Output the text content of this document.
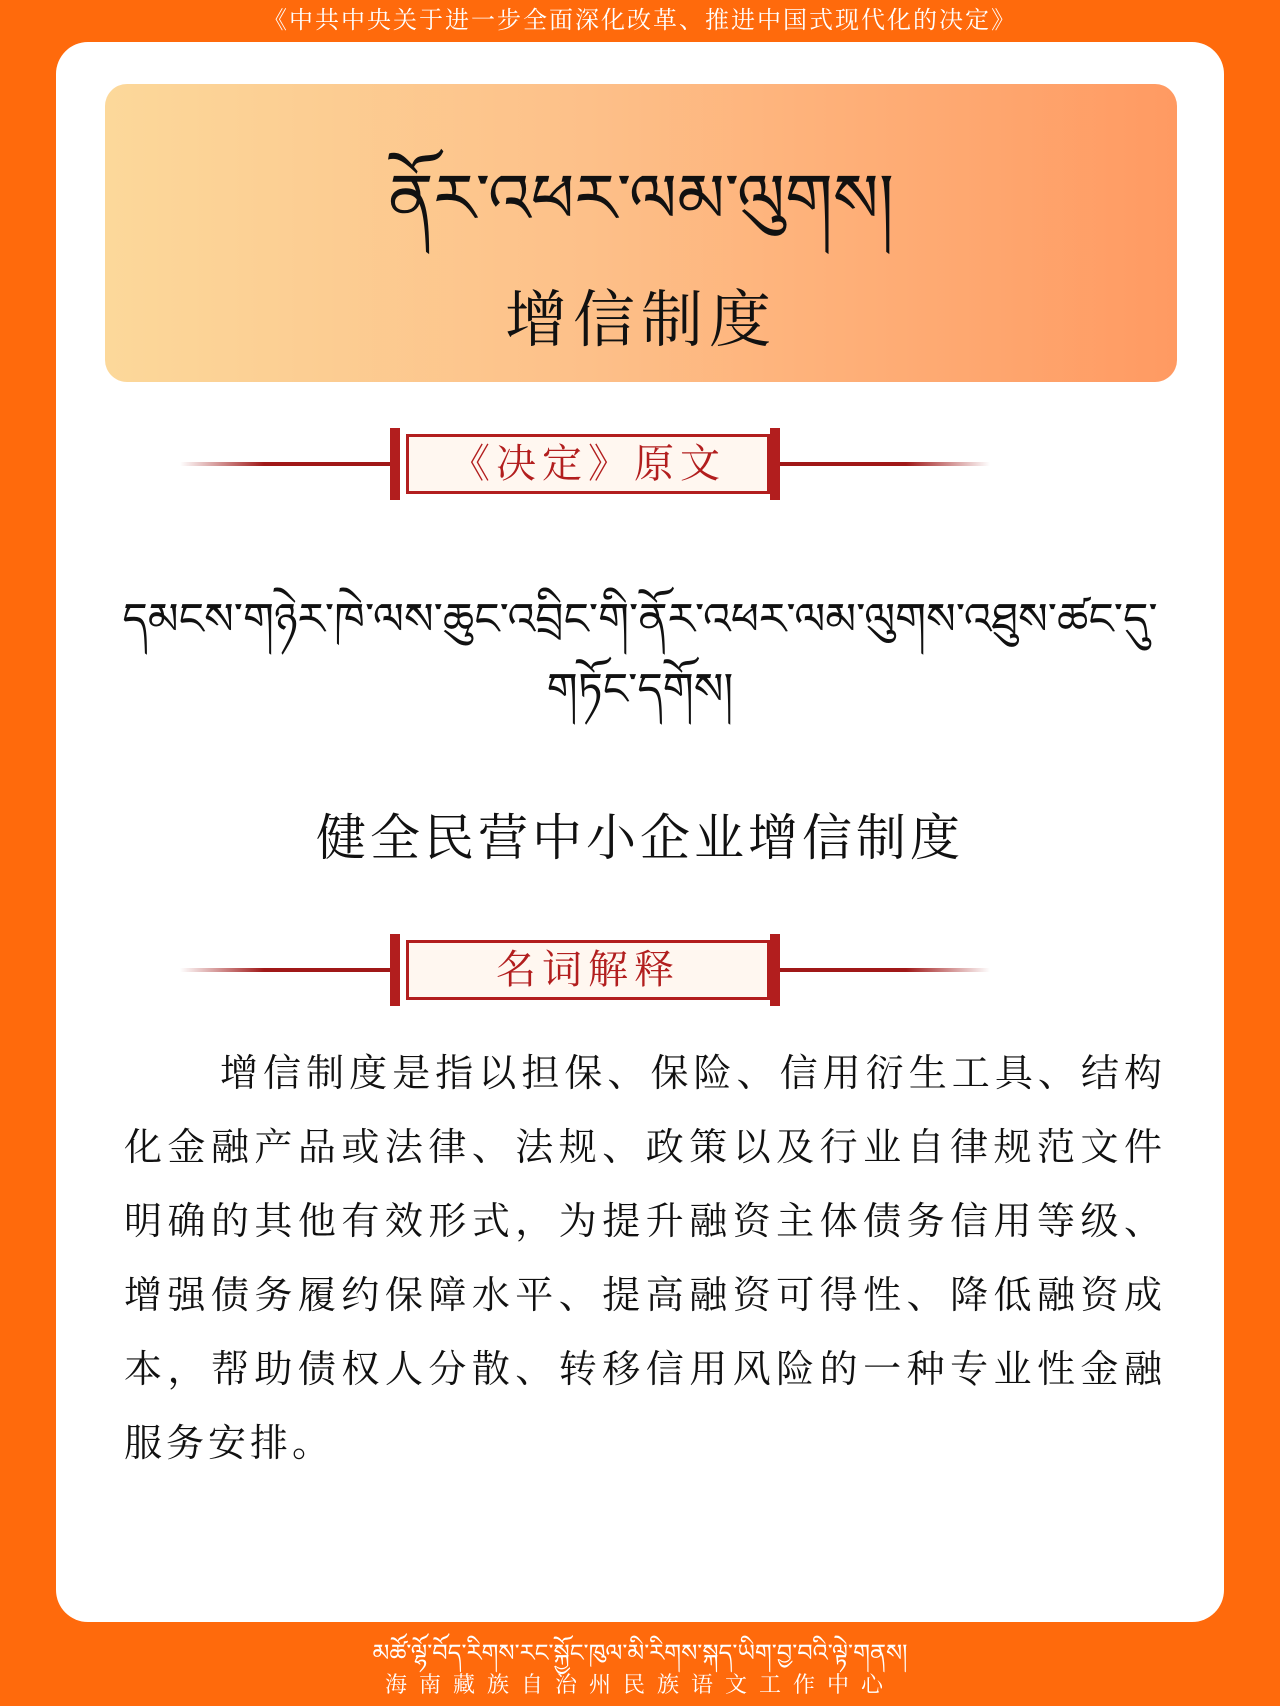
《中共中央关于进一步全面深化改革、推进中国式现代化的决定》
ནོར་འཕར་ལམ་ལུགས།
增信制度
《决定》原文
དམངས་གཉེར་ཁེ་ལས་ཆུང་འབྲིང་གི་ནོར་འཕར་ལམ་ལུགས་འཐུས་ཚང་དུ་གཏོང་དགོས།
健全民营中小企业增信制度
名词解释
增信制度是指以担保、保险、信用衍生工具、结构化金融产品或法律、法规、政策以及行业自律规范文件明确的其他有效形式，为提升融资主体债务信用等级、增强债务履约保障水平、提高融资可得性、降低融资成本，帮助债权人分散、转移信用风险的一种专业性金融服务安排。
མཚོ་ལྷོ་བོད་རིགས་རང་སྐྱོང་ཁུལ་མི་རིགས་སྐད་ཡིག་བྱ་བའི་ལྟེ་གནས།
海南藏族自治州民族语文工作中心
